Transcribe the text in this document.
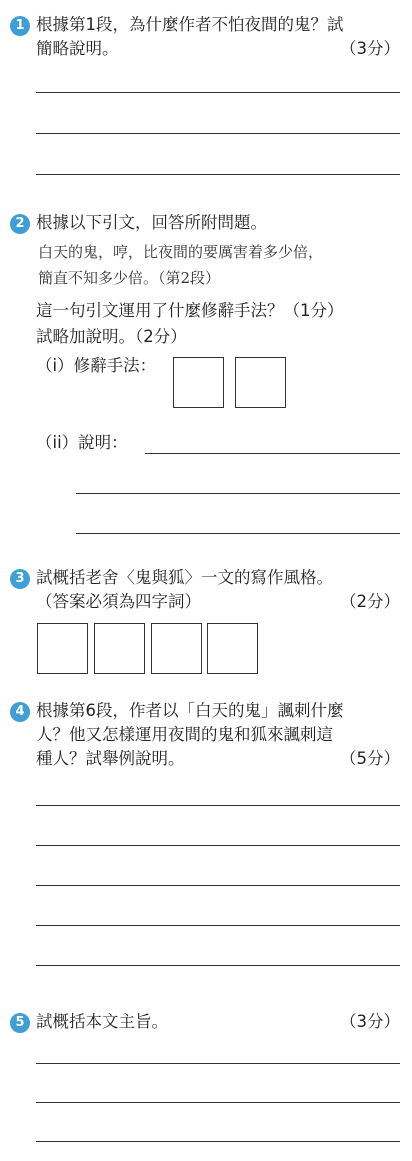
1 根據第1段，為什麼作者不怕夜間的鬼？試
簡略說明。	（3分）
2 根據以下引文，回答所附問題。
白天的鬼，哼，比夜間的要厲害着多少倍，
簡直不知多少倍。（第2段）
這一句引文運用了什麼修辭手法？（1分）
試略加說明。（2分）
（i）修辭手法：
（ii）說明：
3 試概括老舍〈鬼與狐〉一文的寫作風格。
（答案必須為四字詞）	（2分）
4 根據第6段，作者以「白天的鬼」諷刺什麼
人？他又怎樣運用夜間的鬼和狐來諷刺這
種人？試舉例說明。	（5分）
5 試概括本文主旨。	（3分）
